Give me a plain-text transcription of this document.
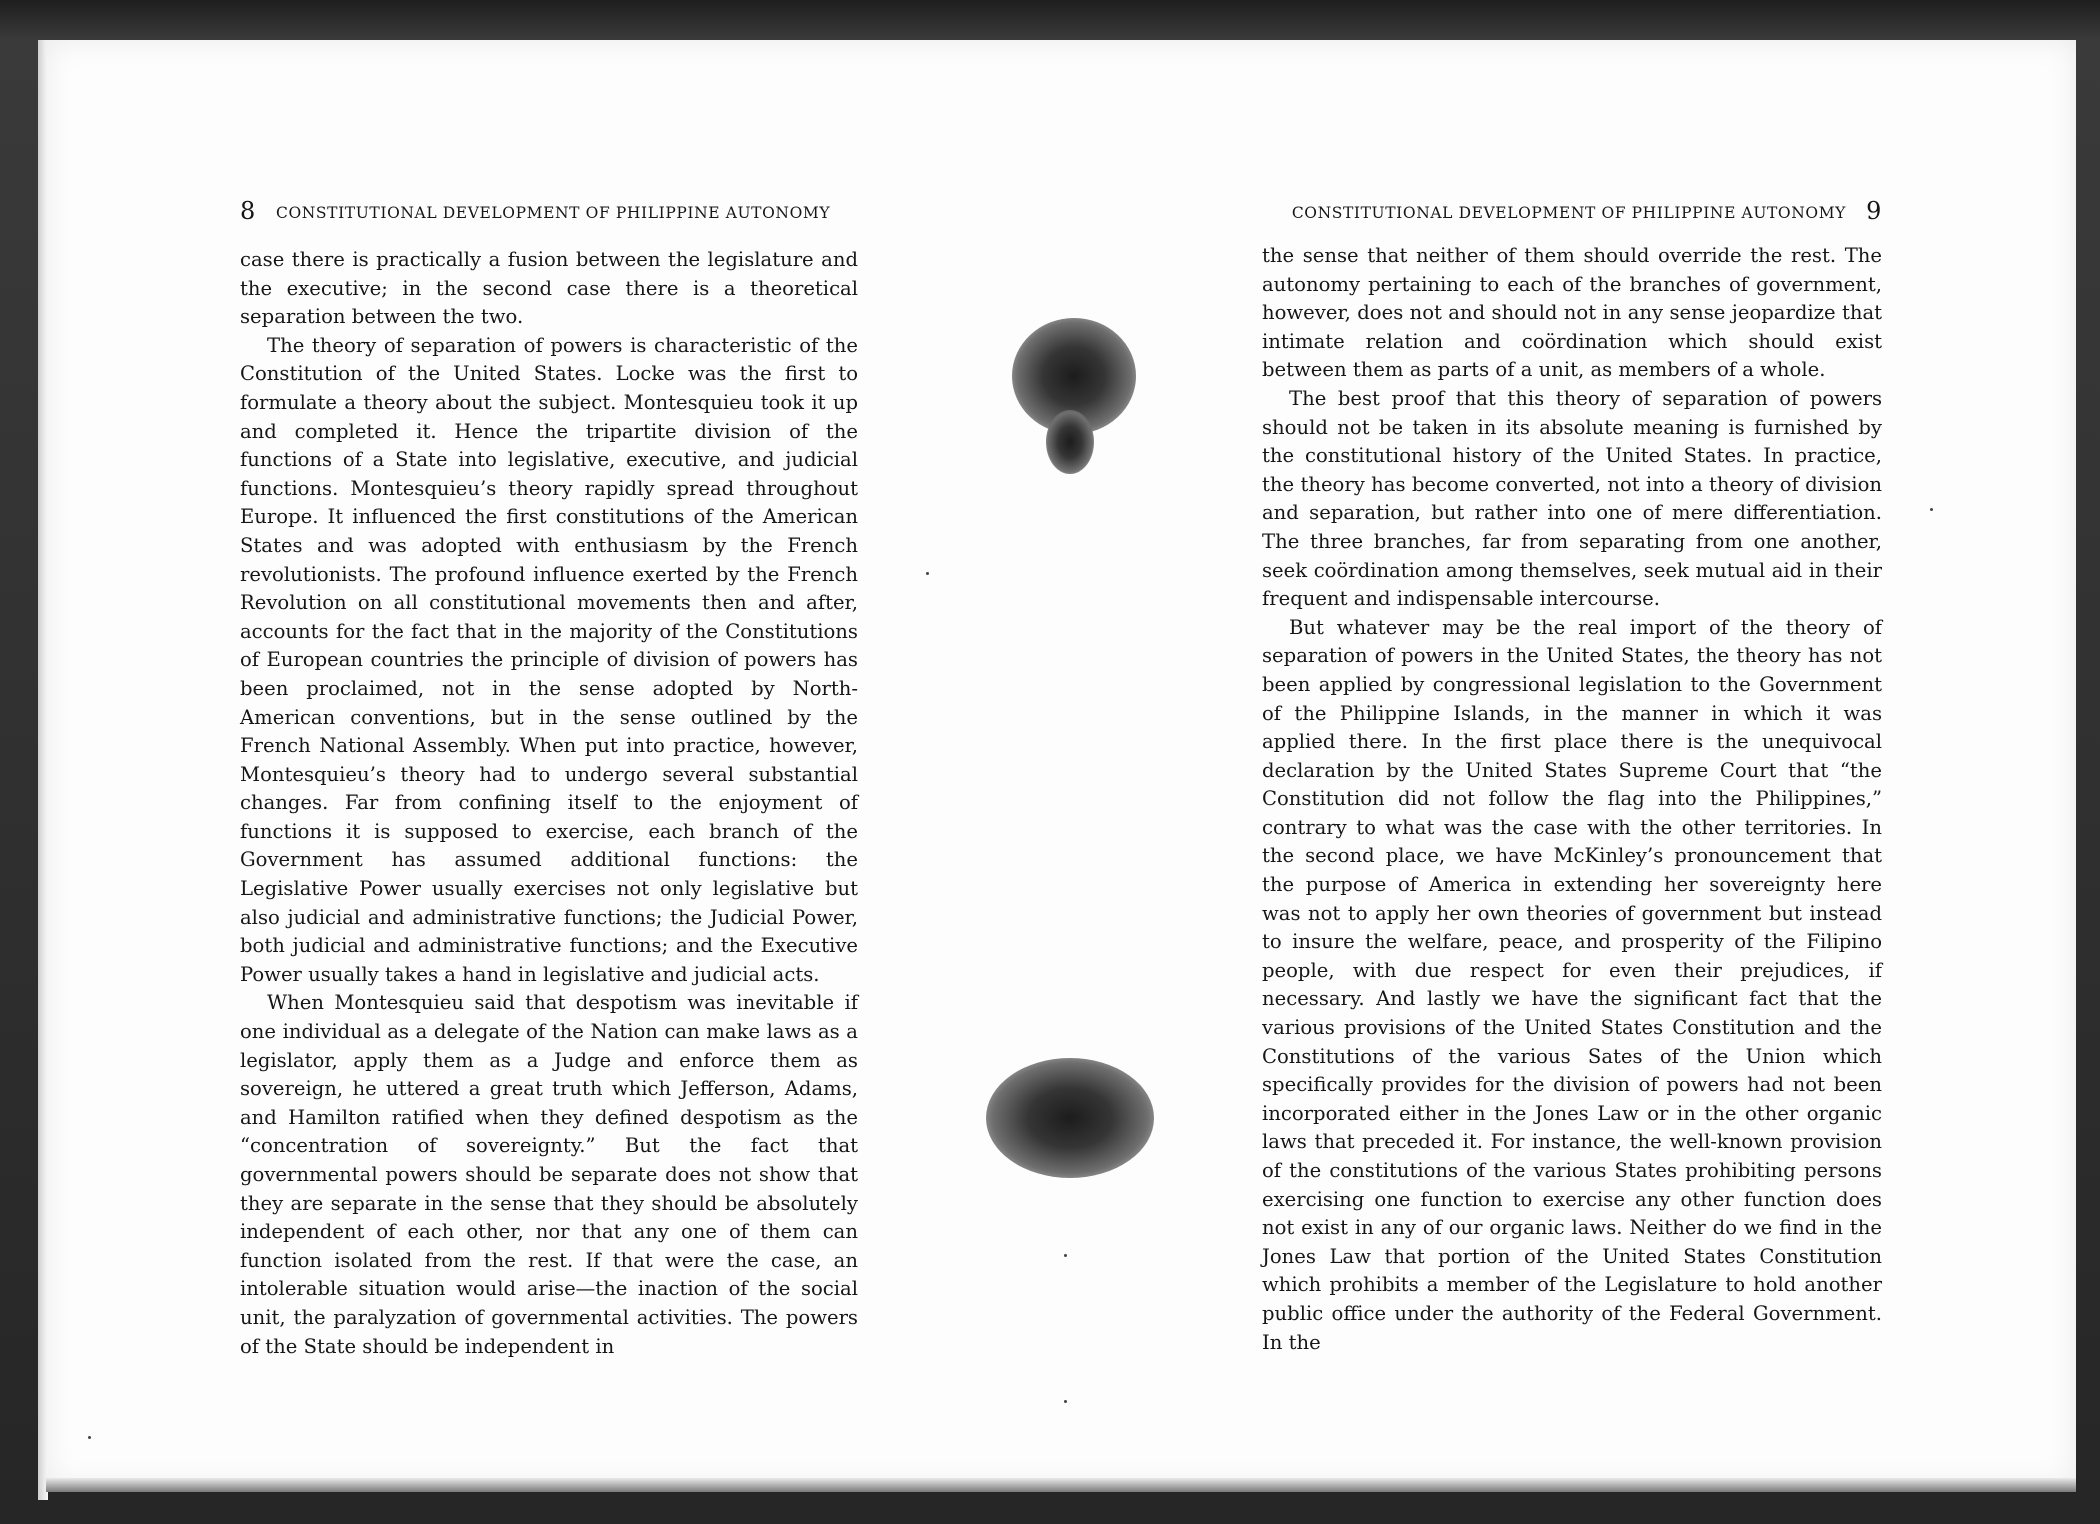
8 CONSTITUTIONAL DEVELOPMENT OF PHILIPPINE AUTONOMY

case there is practically a fusion between the legislature and the executive; in the second case there is a theoretical separation between the two.

The theory of separation of powers is characteristic of the Constitution of the United States. Locke was the first to formulate a theory about the subject. Montesquieu took it up and completed it. Hence the tripartite division of the functions of a State into legislative, executive, and judicial functions. Montesquieu’s theory rapidly spread throughout Europe. It influenced the first constitutions of the American States and was adopted with enthusiasm by the French revolutionists. The profound influence exerted by the French Revolution on all constitutional movements then and after, accounts for the fact that in the majority of the Constitutions of European countries the principle of division of powers has been proclaimed, not in the sense adopted by North-American conventions, but in the sense outlined by the French National Assembly. When put into practice, however, Montesquieu’s theory had to undergo several substantial changes. Far from confining itself to the enjoyment of functions it is supposed to exercise, each branch of the Government has assumed additional functions: the Legislative Power usually exercises not only legislative but also judicial and administrative functions; the Judicial Power, both judicial and administrative functions; and the Executive Power usually takes a hand in legislative and judicial acts.

When Montesquieu said that despotism was inevitable if one individual as a delegate of the Nation can make laws as a legislator, apply them as a Judge and enforce them as sovereign, he uttered a great truth which Jefferson, Adams, and Hamilton ratified when they defined despotism as the “concentration of sovereignty.” But the fact that governmental powers should be separate does not show that they are separate in the sense that they should be absolutely independent of each other, nor that any one of them can function isolated from the rest. If that were the case, an intolerable situation would arise—the inaction of the social unit, the paralyzation of governmental activities. The powers of the State should be independent in

CONSTITUTIONAL DEVELOPMENT OF PHILIPPINE AUTONOMY 9

the sense that neither of them should override the rest. The autonomy pertaining to each of the branches of government, however, does not and should not in any sense jeopardize that intimate relation and coördination which should exist between them as parts of a unit, as members of a whole.

The best proof that this theory of separation of powers should not be taken in its absolute meaning is furnished by the constitutional history of the United States. In practice, the theory has become converted, not into a theory of division and separation, but rather into one of mere differentiation. The three branches, far from separating from one another, seek coördination among themselves, seek mutual aid in their frequent and indispensable intercourse.

But whatever may be the real import of the theory of separation of powers in the United States, the theory has not been applied by congressional legislation to the Government of the Philippine Islands, in the manner in which it was applied there. In the first place there is the unequivocal declaration by the United States Supreme Court that “the Constitution did not follow the flag into the Philippines,” contrary to what was the case with the other territories. In the second place, we have McKinley’s pronouncement that the purpose of America in extending her sovereignty here was not to apply her own theories of government but instead to insure the welfare, peace, and prosperity of the Filipino people, with due respect for even their prejudices, if necessary. And lastly we have the significant fact that the various provisions of the United States Constitution and the Constitutions of the various Sates of the Union which specifically provides for the division of powers had not been incorporated either in the Jones Law or in the other organic laws that preceded it. For instance, the well-known provision of the constitutions of the various States prohibiting persons exercising one function to exercise any other function does not exist in any of our organic laws. Neither do we find in the Jones Law that portion of the United States Constitution which prohibits a member of the Legislature to hold another public office under the authority of the Federal Government. In the
